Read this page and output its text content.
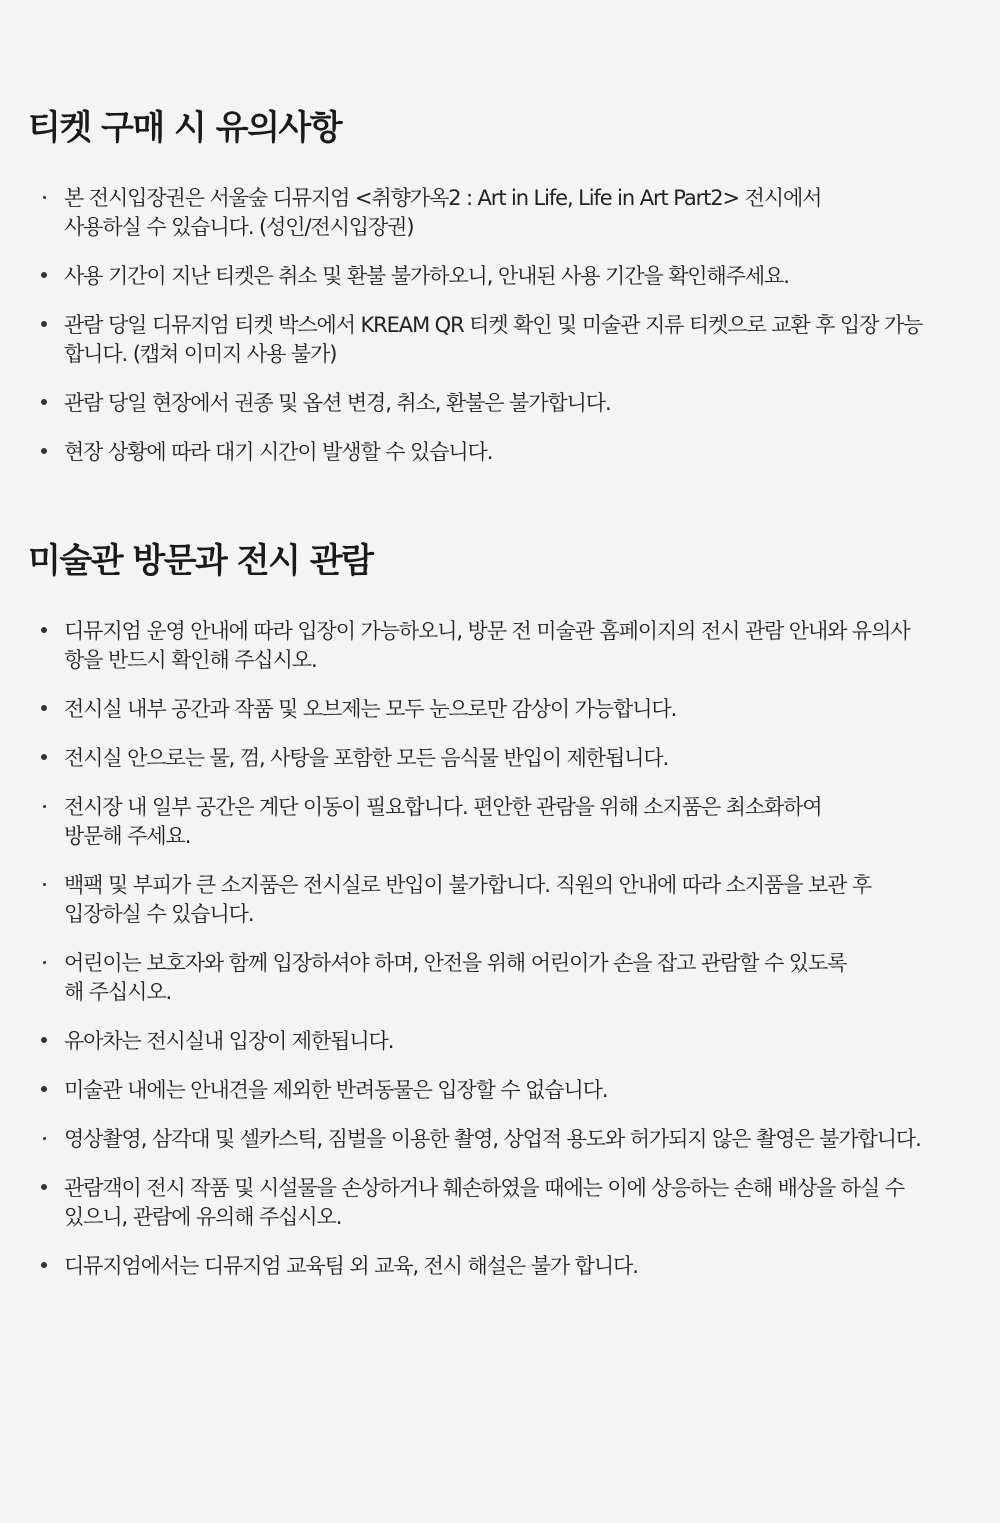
티켓 구매 시 유의사항
본 전시입장권은 서울숲 디뮤지엄 <취향가옥2 : Art in Life, Life in Art Part2> 전시에서
사용하실 수 있습니다. (성인/전시입장권)
사용 기간이 지난 티켓은 취소 및 환불 불가하오니, 안내된 사용 기간을 확인해주세요.
관람 당일 디뮤지엄 티켓 박스에서 KREAM QR 티켓 확인 및 미술관 지류 티켓으로 교환 후 입장 가능
합니다. (캡쳐 이미지 사용 불가)
관람 당일 현장에서 권종 및 옵션 변경, 취소, 환불은 불가합니다.
현장 상황에 따라 대기 시간이 발생할 수 있습니다.
미술관 방문과 전시 관람
디뮤지엄 운영 안내에 따라 입장이 가능하오니, 방문 전 미술관 홈페이지의 전시 관람 안내와 유의사
항을 반드시 확인해 주십시오.
전시실 내부 공간과 작품 및 오브제는 모두 눈으로만 감상이 가능합니다.
전시실 안으로는 물, 껌, 사탕을 포함한 모든 음식물 반입이 제한됩니다.
전시장 내 일부 공간은 계단 이동이 필요합니다. 편안한 관람을 위해 소지품은 최소화하여
방문해 주세요.
백팩 및 부피가 큰 소지품은 전시실로 반입이 불가합니다. 직원의 안내에 따라 소지품을 보관 후
입장하실 수 있습니다.
어린이는 보호자와 함께 입장하셔야 하며, 안전을 위해 어린이가 손을 잡고 관람할 수 있도록
해 주십시오.
유아차는 전시실내 입장이 제한됩니다.
미술관 내에는 안내견을 제외한 반려동물은 입장할 수 없습니다.
영상촬영, 삼각대 및 셀카스틱, 짐벌을 이용한 촬영, 상업적 용도와 허가되지 않은 촬영은 불가합니다.
관람객이 전시 작품 및 시설물을 손상하거나 훼손하였을 때에는 이에 상응하는 손해 배상을 하실 수
있으니, 관람에 유의해 주십시오.
디뮤지엄에서는 디뮤지엄 교육팀 외 교육, 전시 해설은 불가 합니다.
